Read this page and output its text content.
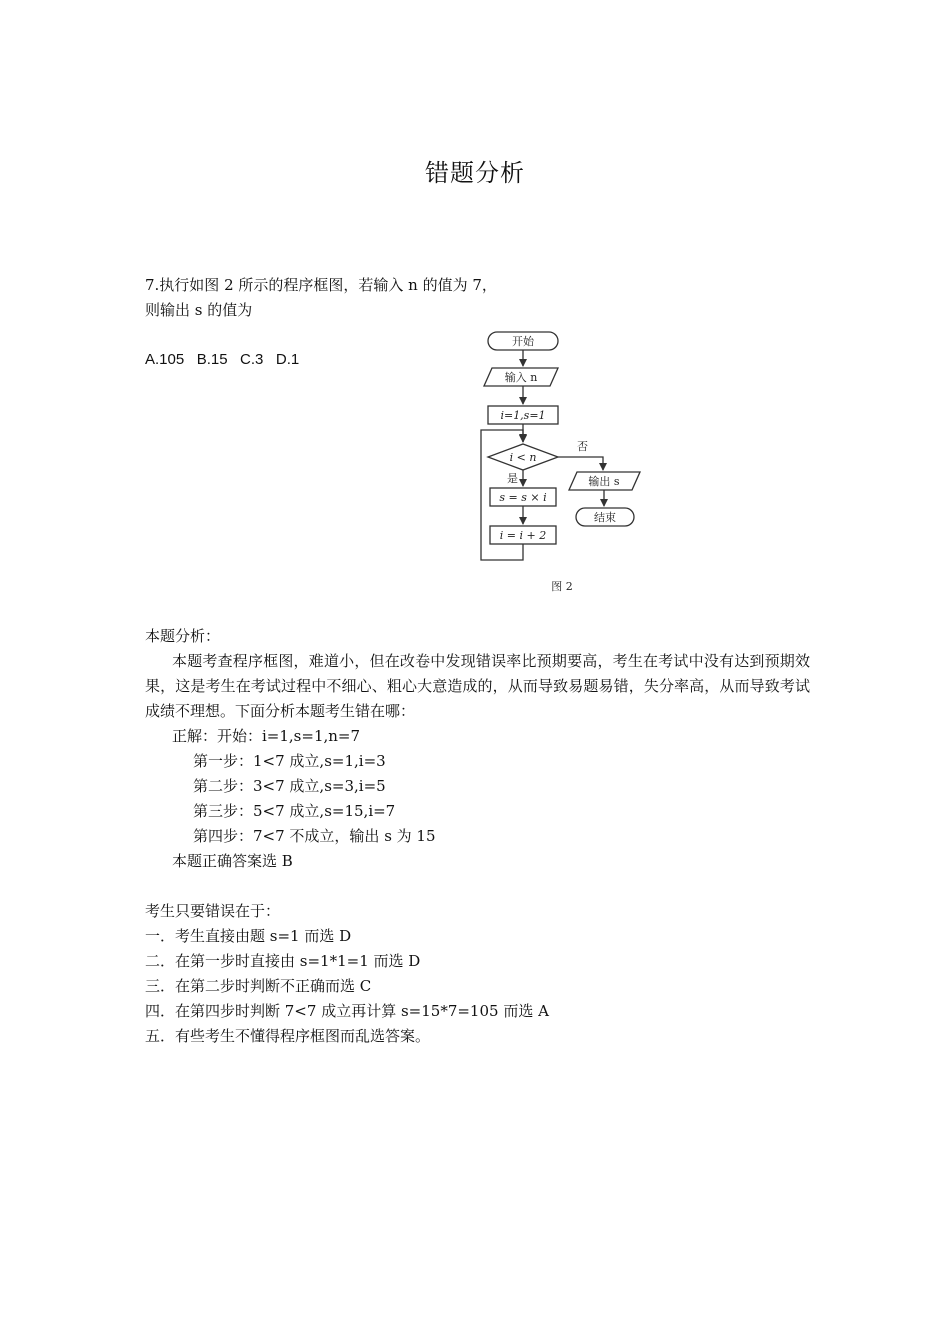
错题分析
7.执行如图 2 所示的程序框图，若输入 n 的值为 7，
则输出 s 的值为
A.105   B.15   C.3   D.1
开始
输入 n
i=1,s=1
i < n
否
是
s = s × i
i = i + 2
输出 s
结束
图 2

本题分析：

本题考查程序框图，难道小，但在改卷中发现错误率比预期要高，考生在考试中没有达到预期效果，这是考生在考试过程中不细心、粗心大意造成的，从而导致易题易错，失分率高，从而导致考试成绩不理想。下面分析本题考生错在哪：

正解：开始：i=1,s=1,n=7

第一步：1<7 成立,s=1,i=3

第二步：3<7 成立,s=3,i=5

第三步：5<7 成立,s=15,i=7

第四步：7<7 不成立，输出 s 为 15

本题正确答案选 B

考生只要错误在于：

一．考生直接由题 s=1 而选 D

二．在第一步时直接由 s=1*1=1 而选 D

三．在第二步时判断不正确而选 C

四．在第四步时判断 7<7 成立再计算 s=15*7=105 而选 A

五．有些考生不懂得程序框图而乱选答案。
